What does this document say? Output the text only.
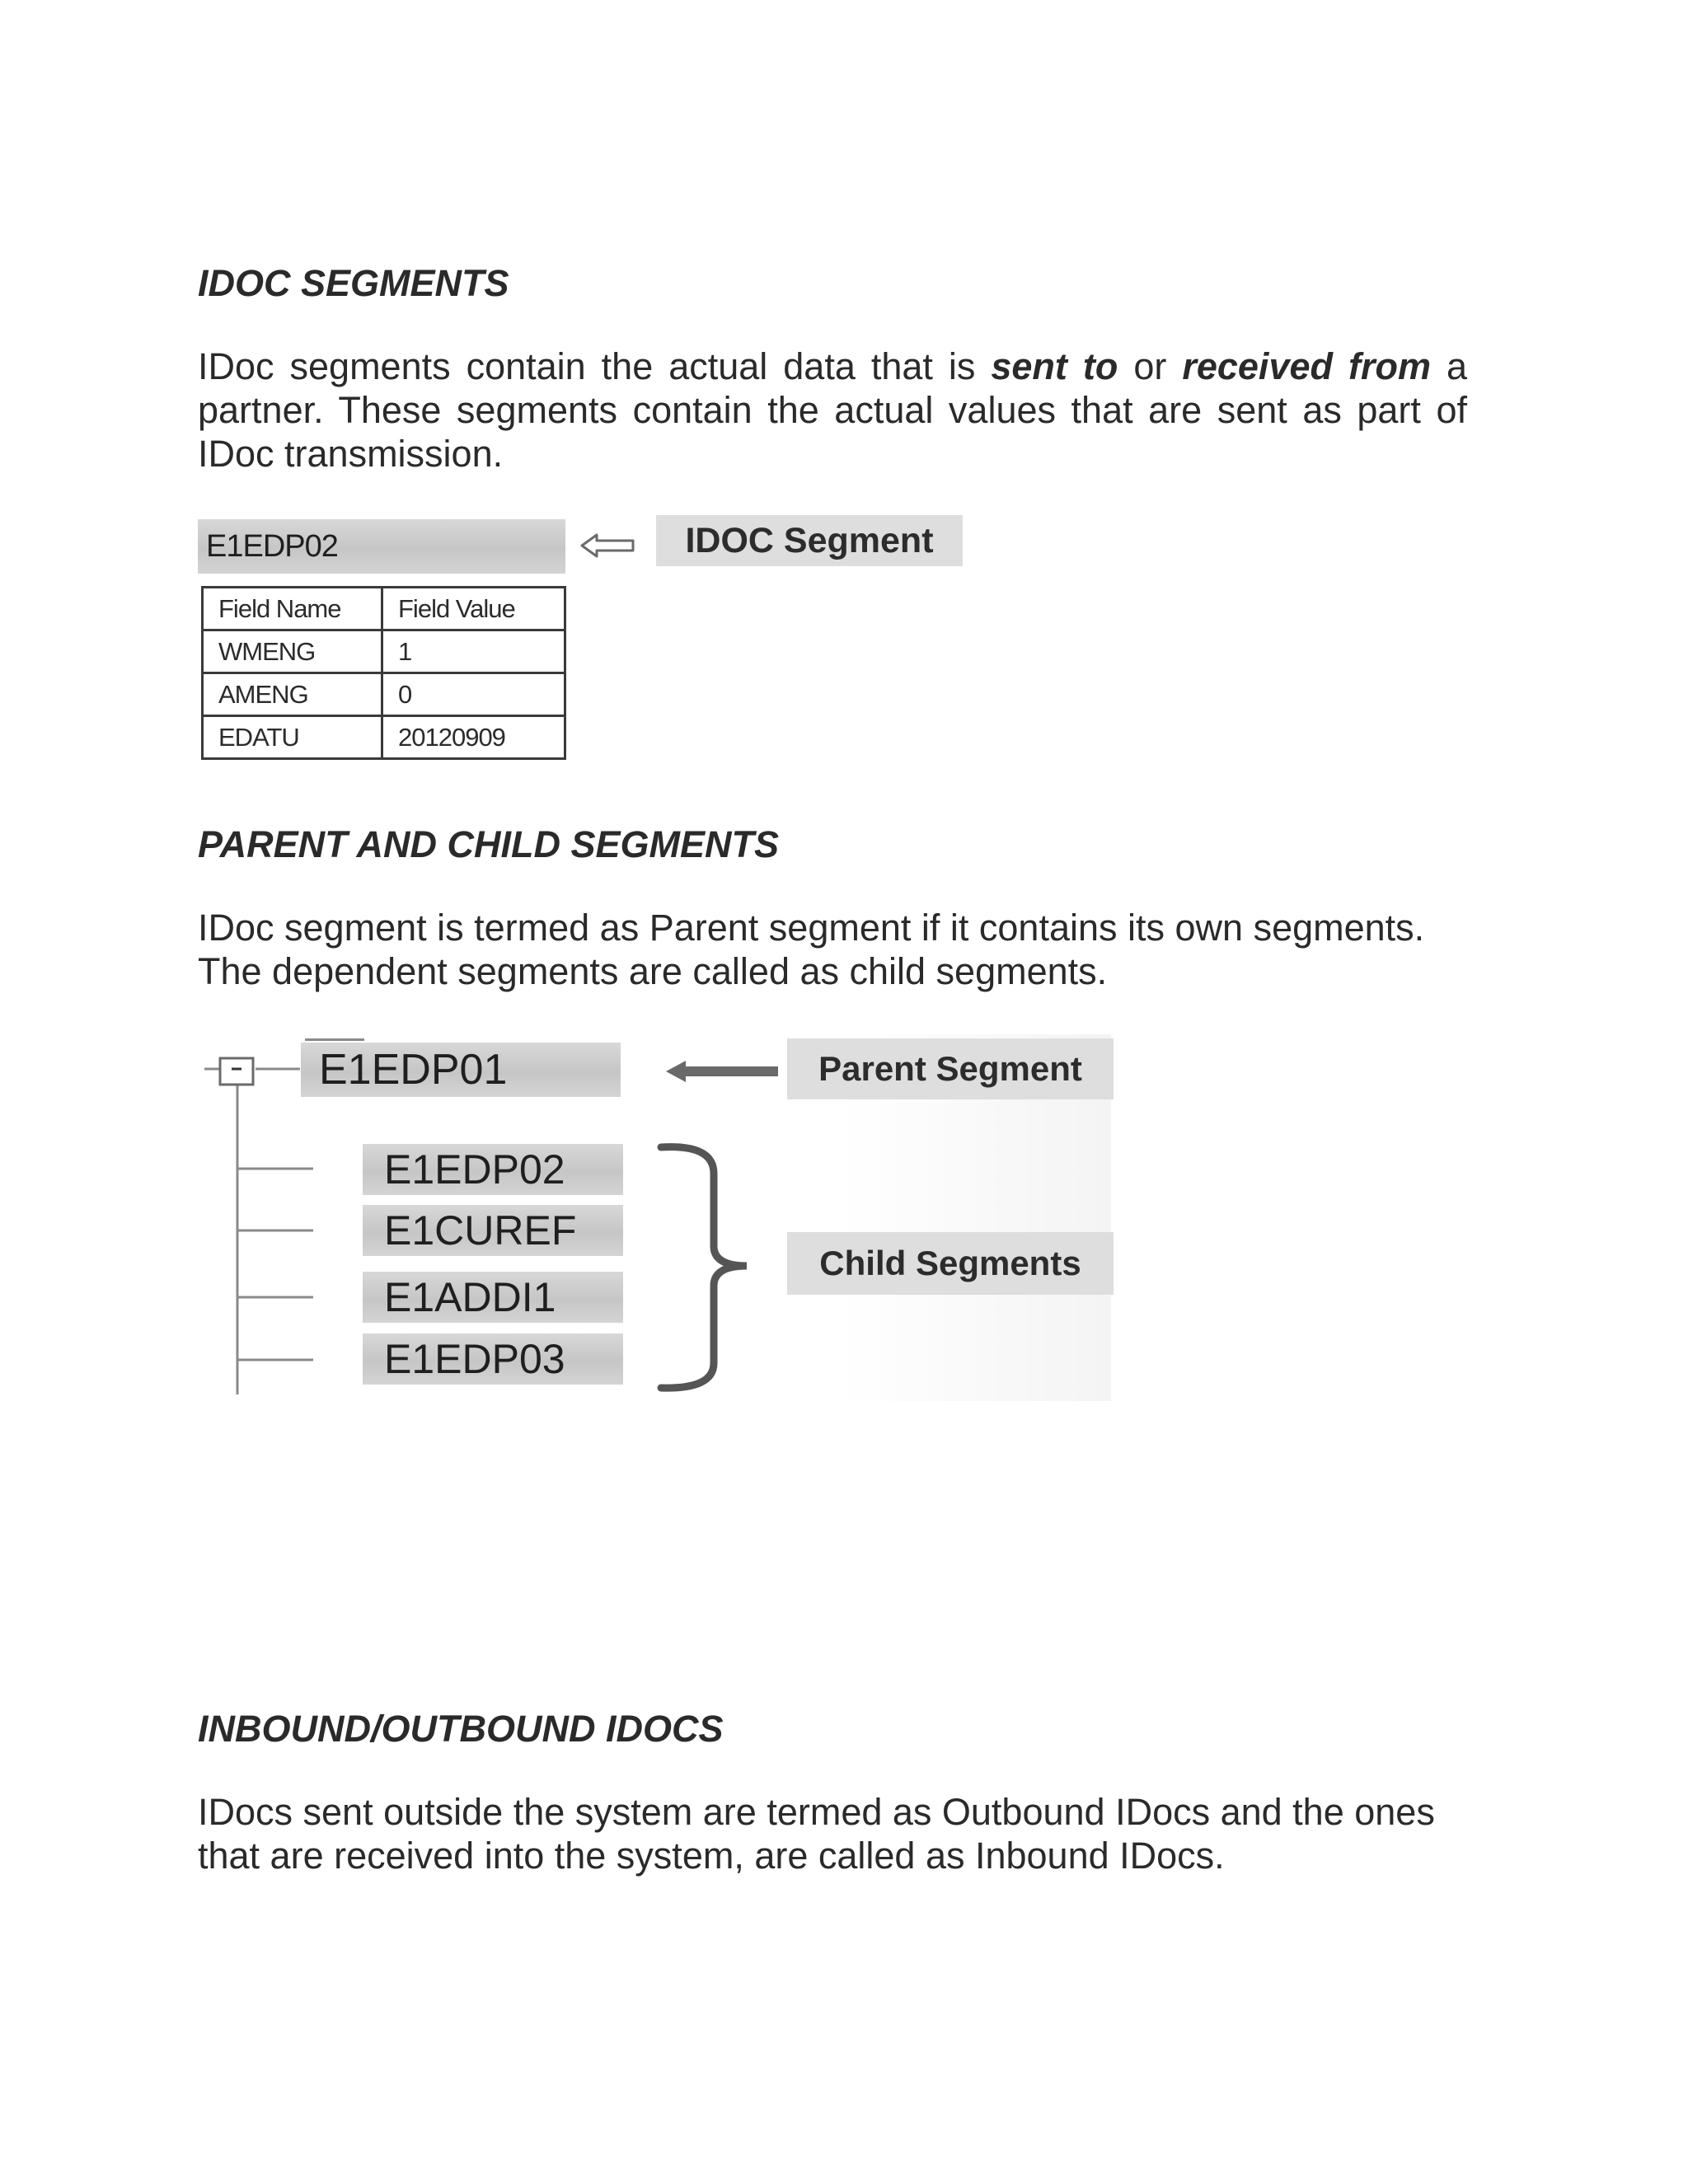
IDOC SEGMENTS

IDoc segments contain the actual data that is sent to or received from a partner. These segments contain the actual values that are sent as part of IDoc transmission.

E1EDP02	IDOC Segment
Field Name	Field Value
WMENG	1
AMENG	0
EDATU	20120909
PARENT AND CHILD SEGMENTS

IDoc segment is termed as Parent segment if it contains its own segments. The dependent segments are called as child segments.

E1EDP01	Parent Segment
E1EDP02
E1CUREF
E1ADDI1
E1EDP03
Child Segments
INBOUND/OUTBOUND IDOCS

IDocs sent outside the system are termed as Outbound IDocs and the ones that are received into the system, are called as Inbound IDocs.
